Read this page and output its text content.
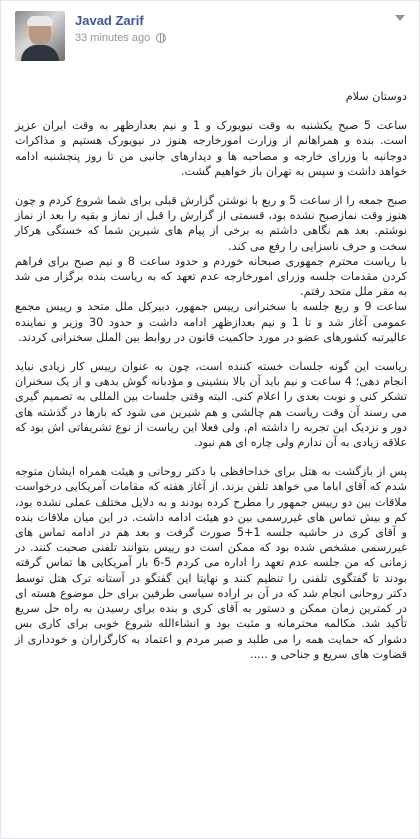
Javad Zarif
33 minutes ago

دوستان سلام

ساعت 5 صبح یکشنبه به وقت نیویورک و 1 و نیم بعدازظهر به وقت ایران عزیز است. بنده و همراهانم از وزارت امورخارجه هنوز در نیویورک هستیم و مذاکرات دوجانبه با وزرای خارجه و مصاحبه ها و دیدارهای جانبی من تا روز پنجشنبه ادامه خواهد داشت و سپس به تهران باز خواهیم گشت.

صبح جمعه را از ساعت 5 و ربع با نوشتن گزارش قبلی برای شما شروع کردم و چون هنوز وقت نمازصبح نشده بود، قسمتی از گزارش را قبل از نماز و بقیه را بعد از نماز نوشتم. بعد هم نگاهی داشتم به برخی از پیام های شیرین شما که خستگی هرکار سخت و حرف ناسزایی را رفع می کند.

با ریاست محترم جمهوری صبحانه خوردم و حدود ساعت 8 و نیم صبح برای فراهم کردن مقدمات جلسه وزرای امورخارجه عدم تعهد که به ریاست بنده برگزار می شد به مقر ملل متحد رفتم.

ساعت 9 و ربع جلسه با سخنرانی رییس جمهور، دبیرکل ملل متحد و رییس مجمع عمومی آغاز شد و تا 1 و نیم بعدازظهر ادامه داشت و حدود 30 وزیر و نماینده عالیرتبه کشورهای عضو در مورد حاکمیت قانون در روابط بین الملل سخنرانی کردند.

ریاست این گونه جلسات خسته کننده است، چون به عنوان رییس کار زیادی نباید انجام دهی؛ 4 ساعت و نیم باید آن بالا بنشینی و مؤدبانه گوش بدهی و از یک سخنران تشکر کنی و نوبت بعدی را اعلام کنی. البته وقتی جلسات بین المللی به تصمیم گیری می رسند آن وقت ریاست هم چالشی و هم شیرین می شود که بارها در گذشته های دور و نزدیک این تجربه را داشته ام. ولی فعلا این ریاست از نوع تشریفاتی اش بود که علاقه زیادی به آن ندارم ولی چاره ای هم نبود.

پس از بازگشت به هتل برای خداحافظی با دکتر روحانی و هیئت همراه ایشان متوجه شدم که آقای اباما می خواهد تلفن بزند. از آغاز هفته که مقامات آمریکایی درخواست ملاقات بین دو رییس جمهور را مطرح کرده بودند و به دلایل مختلف عملی نشده بود، کم و بیش تماس های غیررسمی بین دو هیئت ادامه داشت. در این میان ملاقات بنده و آقای کری در حاشیه جلسه 1+5 صورت گرفت و بعد هم در ادامه تماس های غیررسمی مشخص شده بود که ممکن است دو رییس بتوانند تلفنی صحبت کنند. در زمانی که من جلسه عدم تعهد را اداره می کردم 5-6 بار آمریکایی ها تماس گرفته بودند تا گفتگوی تلفنی را تنظیم کنند و نهایتا این گفتگو در آستانه ترک هتل توسط دکتر روحانی انجام شد که در آن بر اراده سیاسی طرفین برای حل موضوع هسته ای در کمترین زمان ممکن و دستور به آقای کری و بنده برای رسیدن به راه حل سریع تأکید شد. مکالمه محترمانه و مثبت بود و انشاءالله شروع خوبی برای کاری بس دشوار که حمایت همه را می طلبد و صبر مردم و اعتماد به کارگزاران و خودداری از قضاوت های سریع و جناحی و .....
